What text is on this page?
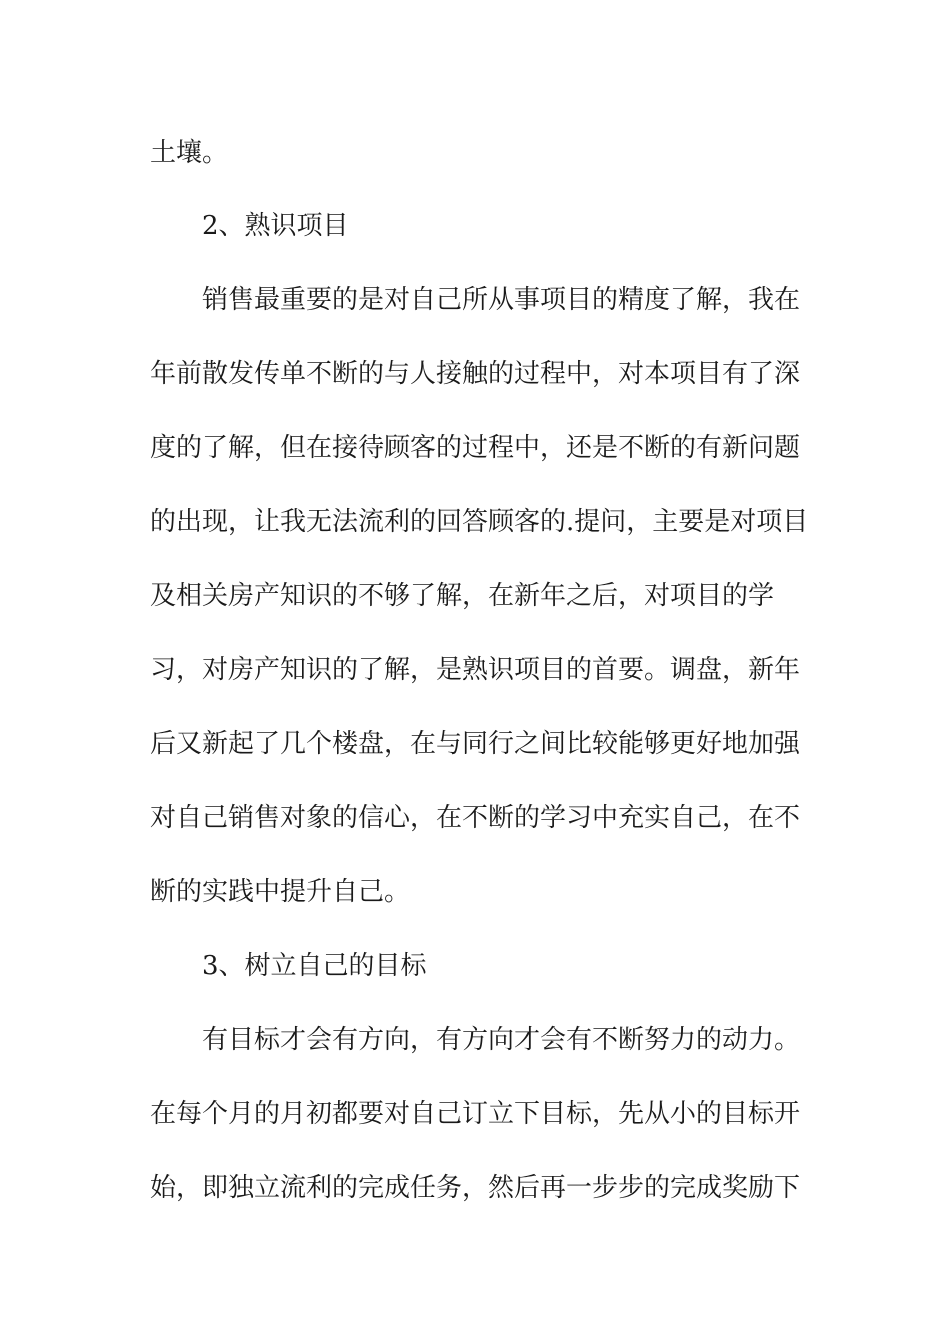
土壤。
2、熟识项目
销售最重要的是对自己所从事项目的精度了解，我在
年前散发传单不断的与人接触的过程中，对本项目有了深
度的了解，但在接待顾客的过程中，还是不断的有新问题
的出现，让我无法流利的回答顾客的.提问，主要是对项目
及相关房产知识的不够了解，在新年之后，对项目的学
习，对房产知识的了解，是熟识项目的首要。调盘，新年
后又新起了几个楼盘，在与同行之间比较能够更好地加强
对自己销售对象的信心，在不断的学习中充实自己，在不
断的实践中提升自己。
3、树立自己的目标
有目标才会有方向，有方向才会有不断努力的动力。
在每个月的月初都要对自己订立下目标，先从小的目标开
始，即独立流利的完成任务，然后再一步步的完成奖励下
